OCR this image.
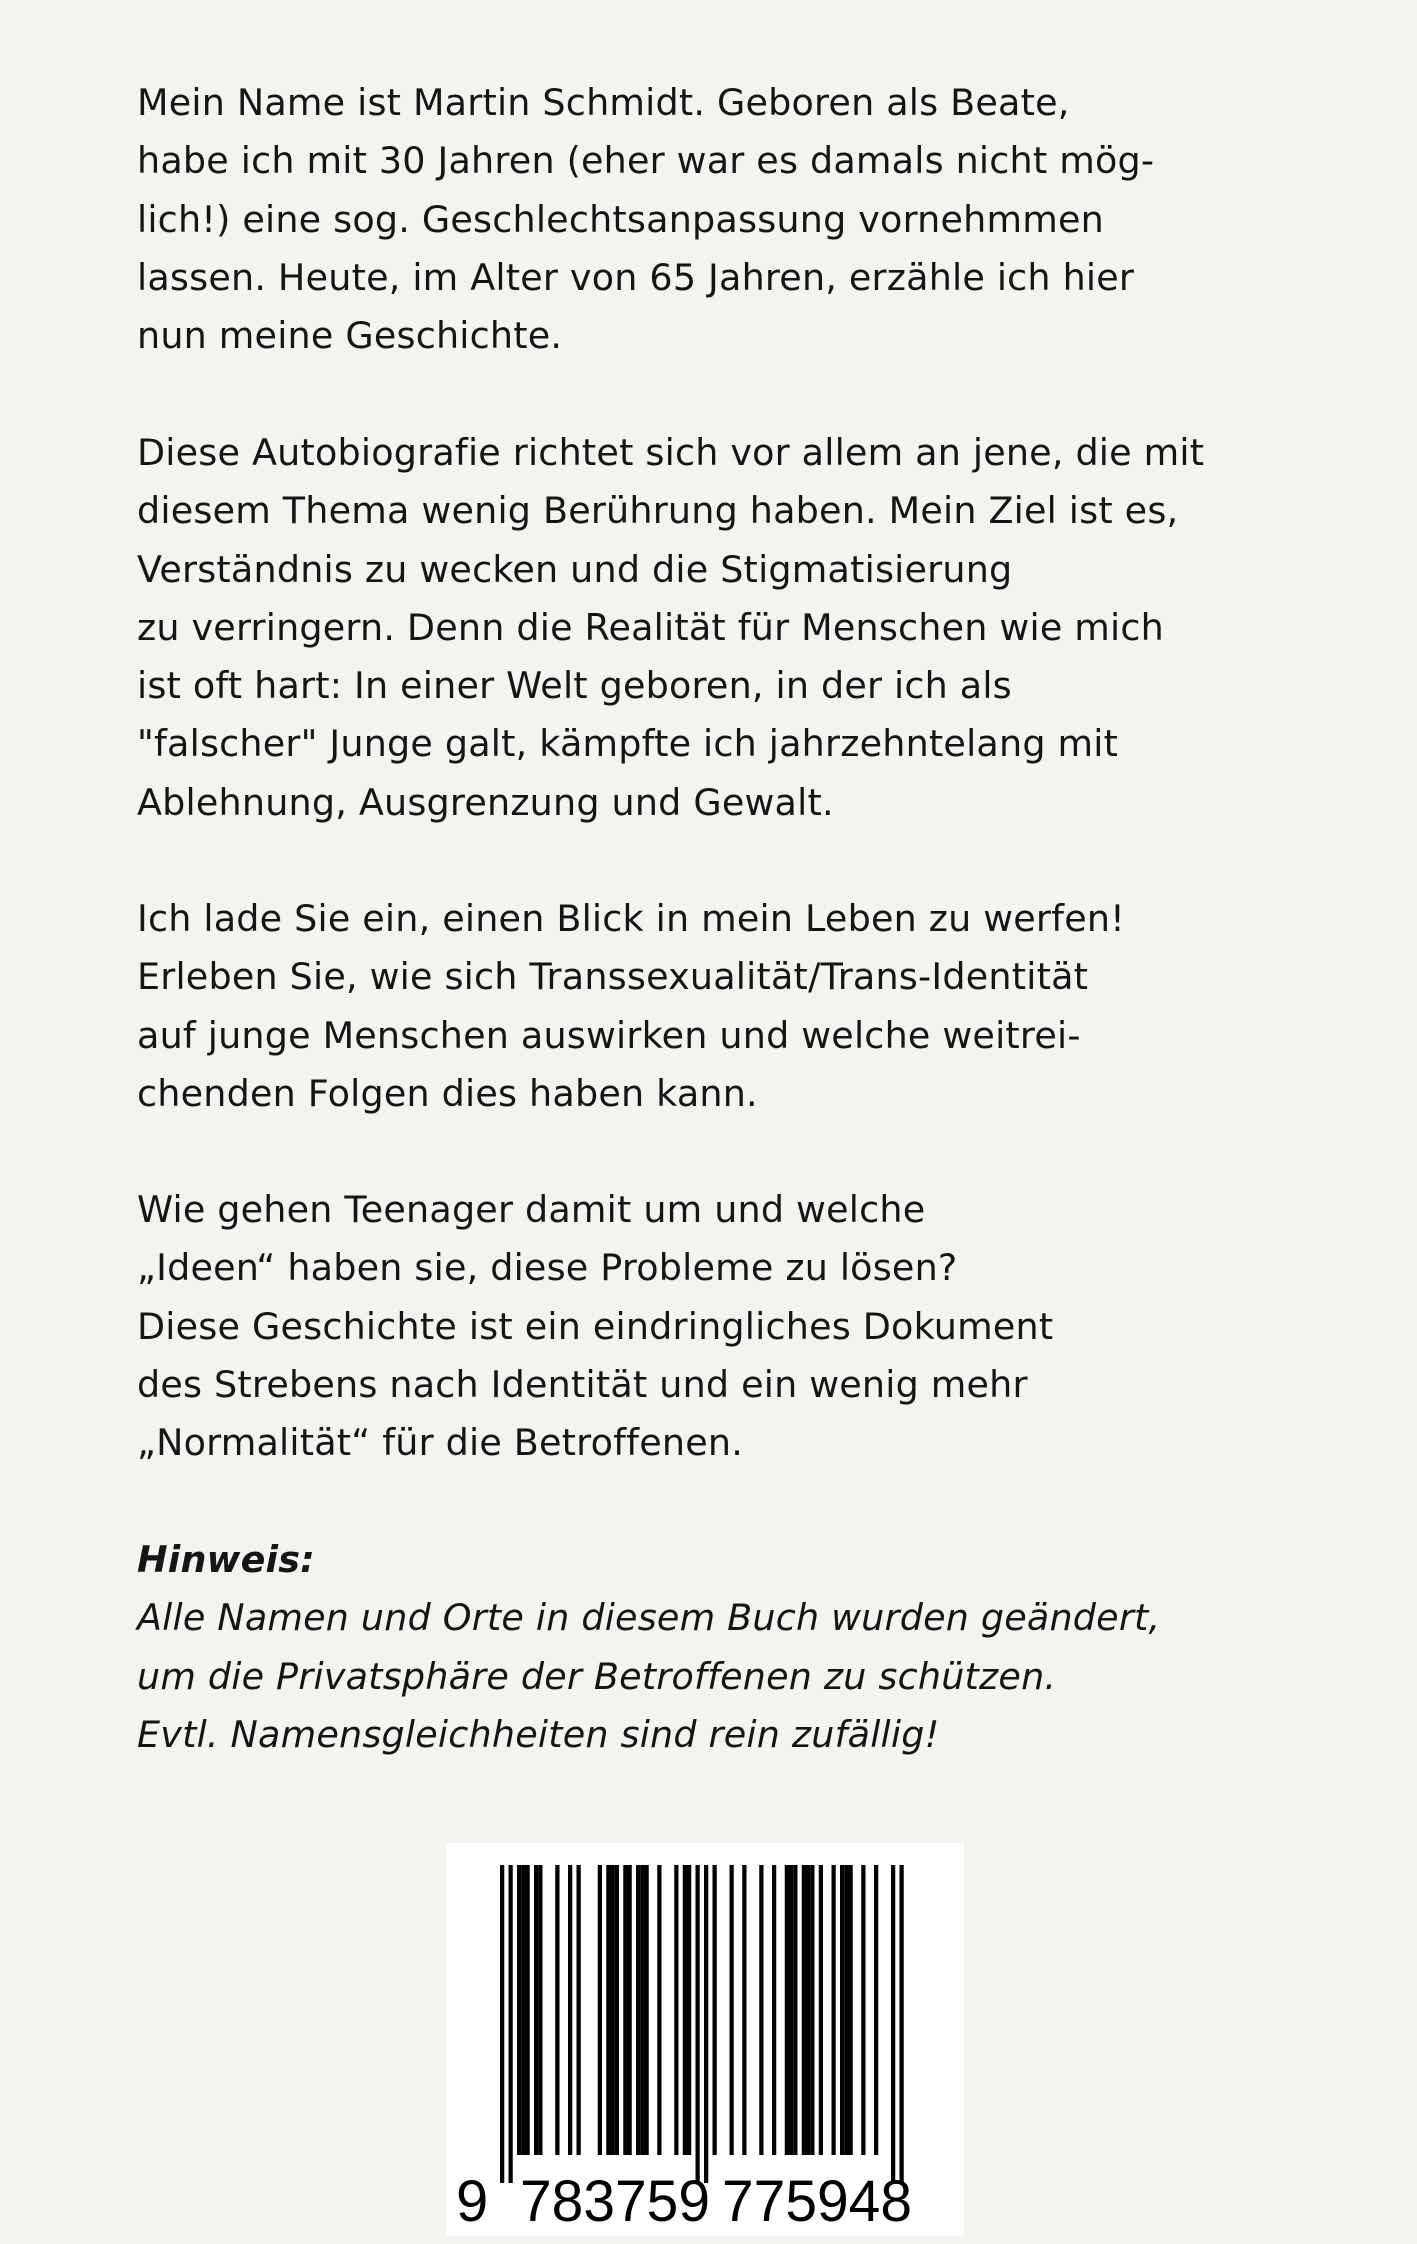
Mein Name ist Martin Schmidt. Geboren als Beate,
habe ich mit 30 Jahren (eher war es damals nicht mög-
lich!) eine sog. Geschlechtsanpassung vornehmmen
lassen. Heute, im Alter von 65 Jahren, erzähle ich hier
nun meine Geschichte.
Diese Autobiografie richtet sich vor allem an jene, die mit
diesem Thema wenig Berührung haben. Mein Ziel ist es,
Verständnis zu wecken und die Stigmatisierung
zu verringern. Denn die Realität für Menschen wie mich
ist oft hart: In einer Welt geboren, in der ich als
"falscher" Junge galt, kämpfte ich jahrzehntelang mit
Ablehnung, Ausgrenzung und Gewalt.
Ich lade Sie ein, einen Blick in mein Leben zu werfen!
Erleben Sie, wie sich Transsexualität/Trans-Identität
auf junge Menschen auswirken und welche weitrei-
chenden Folgen dies haben kann.
Wie gehen Teenager damit um und welche
„Ideen“ haben sie, diese Probleme zu lösen?
Diese Geschichte ist ein eindringliches Dokument
des Strebens nach Identität und ein wenig mehr
„Normalität“ für die Betroffenen.
Hinweis:
Alle Namen und Orte in diesem Buch wurden geändert,
um die Privatsphäre der Betroffenen zu schützen.
Evtl. Namensgleichheiten sind rein zufällig!
9 783759 775948
